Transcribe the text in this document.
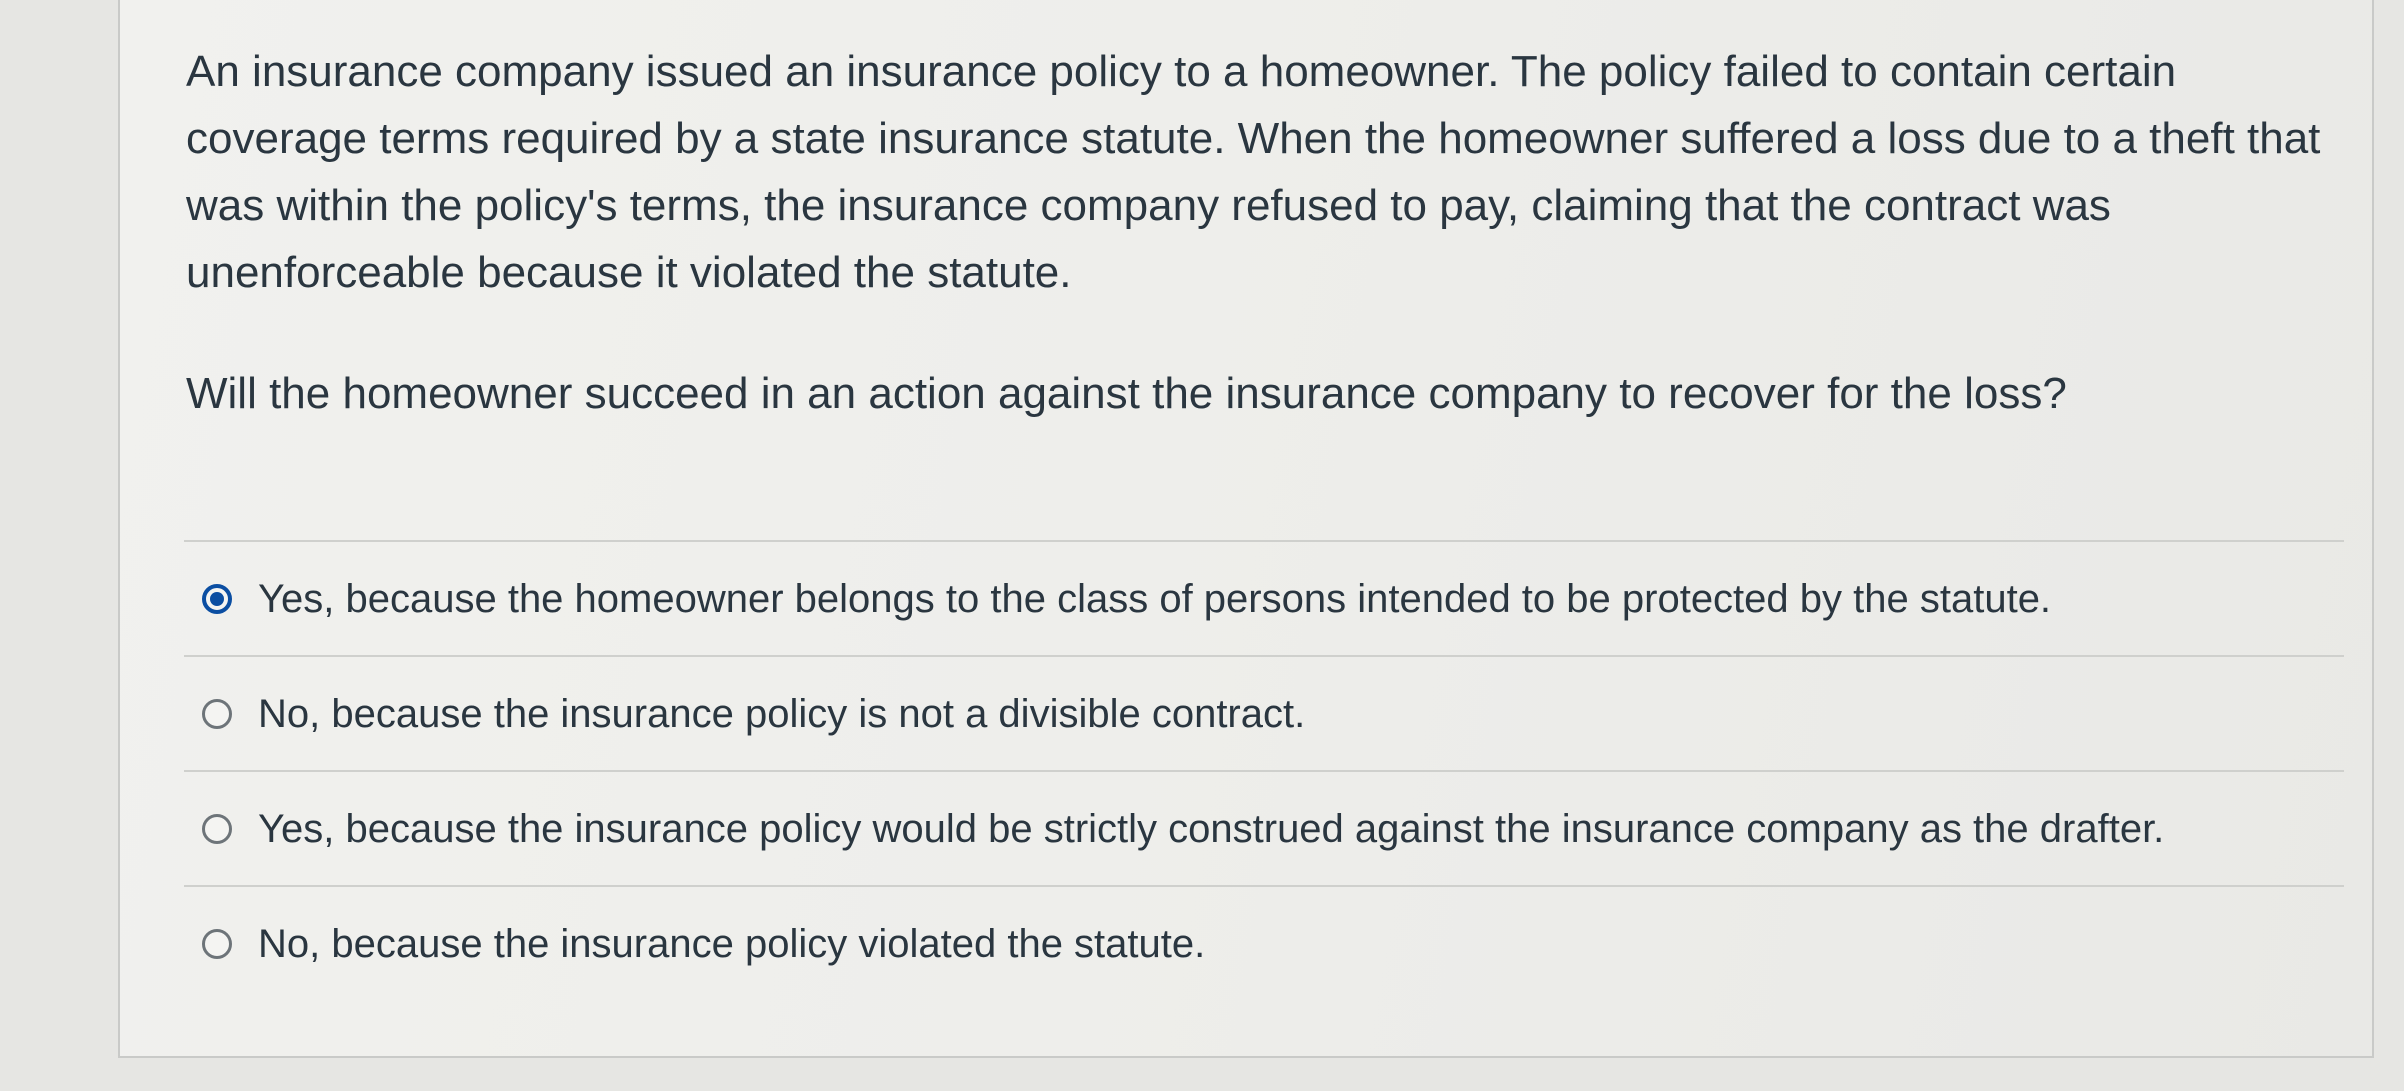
An insurance company issued an insurance policy to a homeowner. The policy failed to contain certain coverage terms required by a state insurance statute. When the homeowner suffered a loss due to a theft that was within the policy's terms, the insurance company refused to pay, claiming that the contract was unenforceable because it violated the statute.

Will the homeowner succeed in an action against the insurance company to recover for the loss?
Yes, because the homeowner belongs to the class of persons intended to be protected by the statute.
No, because the insurance policy is not a divisible contract.
Yes, because the insurance policy would be strictly construed against the insurance company as the drafter.
No, because the insurance policy violated the statute.
